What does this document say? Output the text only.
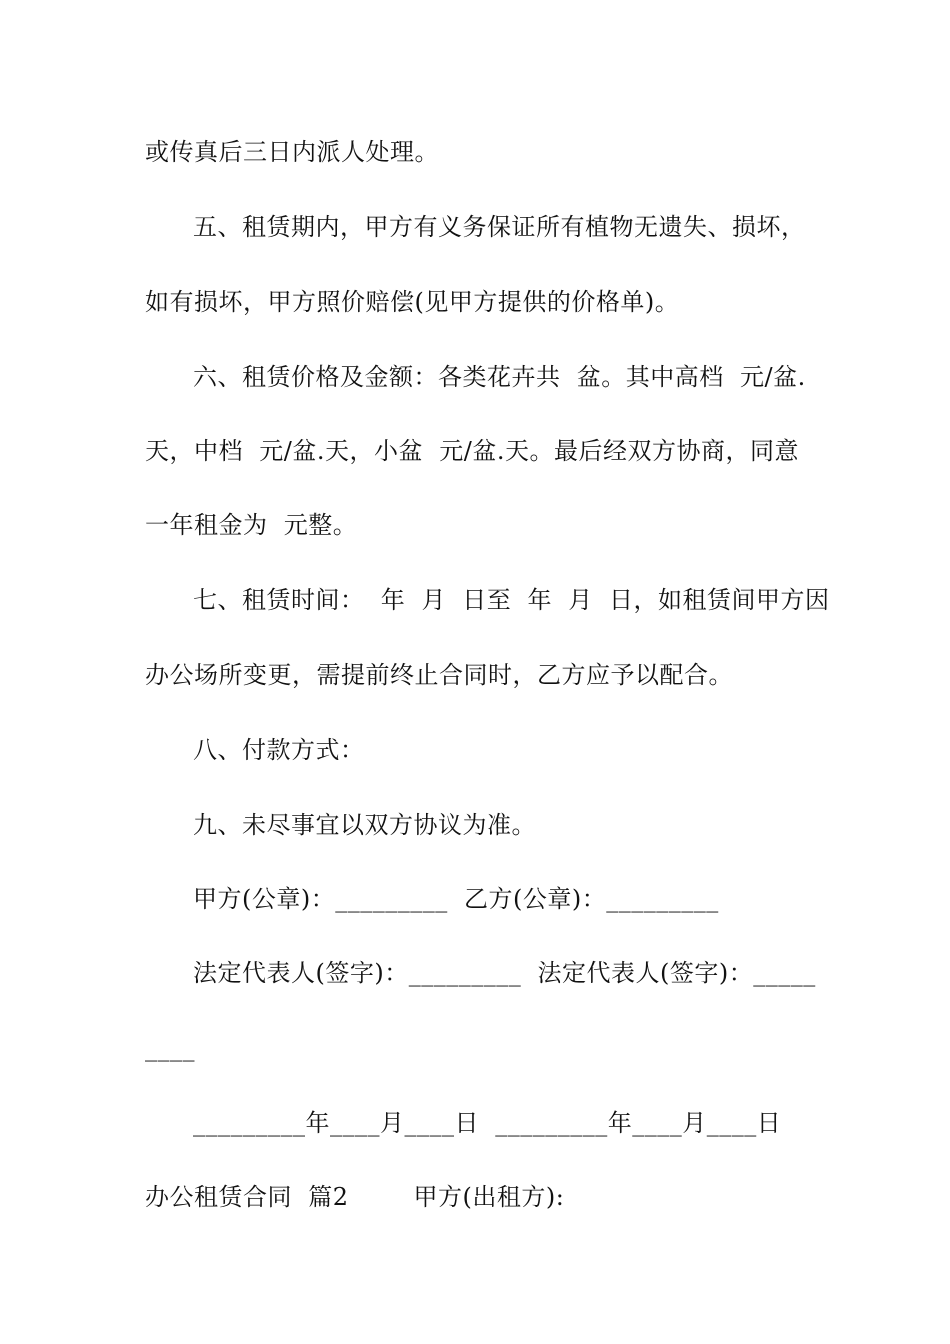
或传真后三日内派人处理。
五、租赁期内，甲方有义务保证所有植物无遗失、损坏，
如有损坏，甲方照价赔偿(见甲方提供的价格单)。
六、租赁价格及金额：各类花卉共  盆。其中高档  元/盆.
天，中档  元/盆.天，小盆  元/盆.天。最后经双方协商，同意
一年租金为  元整。
七、租赁时间：  年  月  日至  年  月  日，如租赁间甲方因
办公场所变更，需提前终止合同时，乙方应予以配合。
八、付款方式：
九、未尽事宜以双方协议为准。
甲方(公章)：_________  乙方(公章)：_________
法定代表人(签字)：_________  法定代表人(签字)：_____
____
_________年____月____日  _________年____月____日
办公租赁合同  篇2        甲方(出租方):
